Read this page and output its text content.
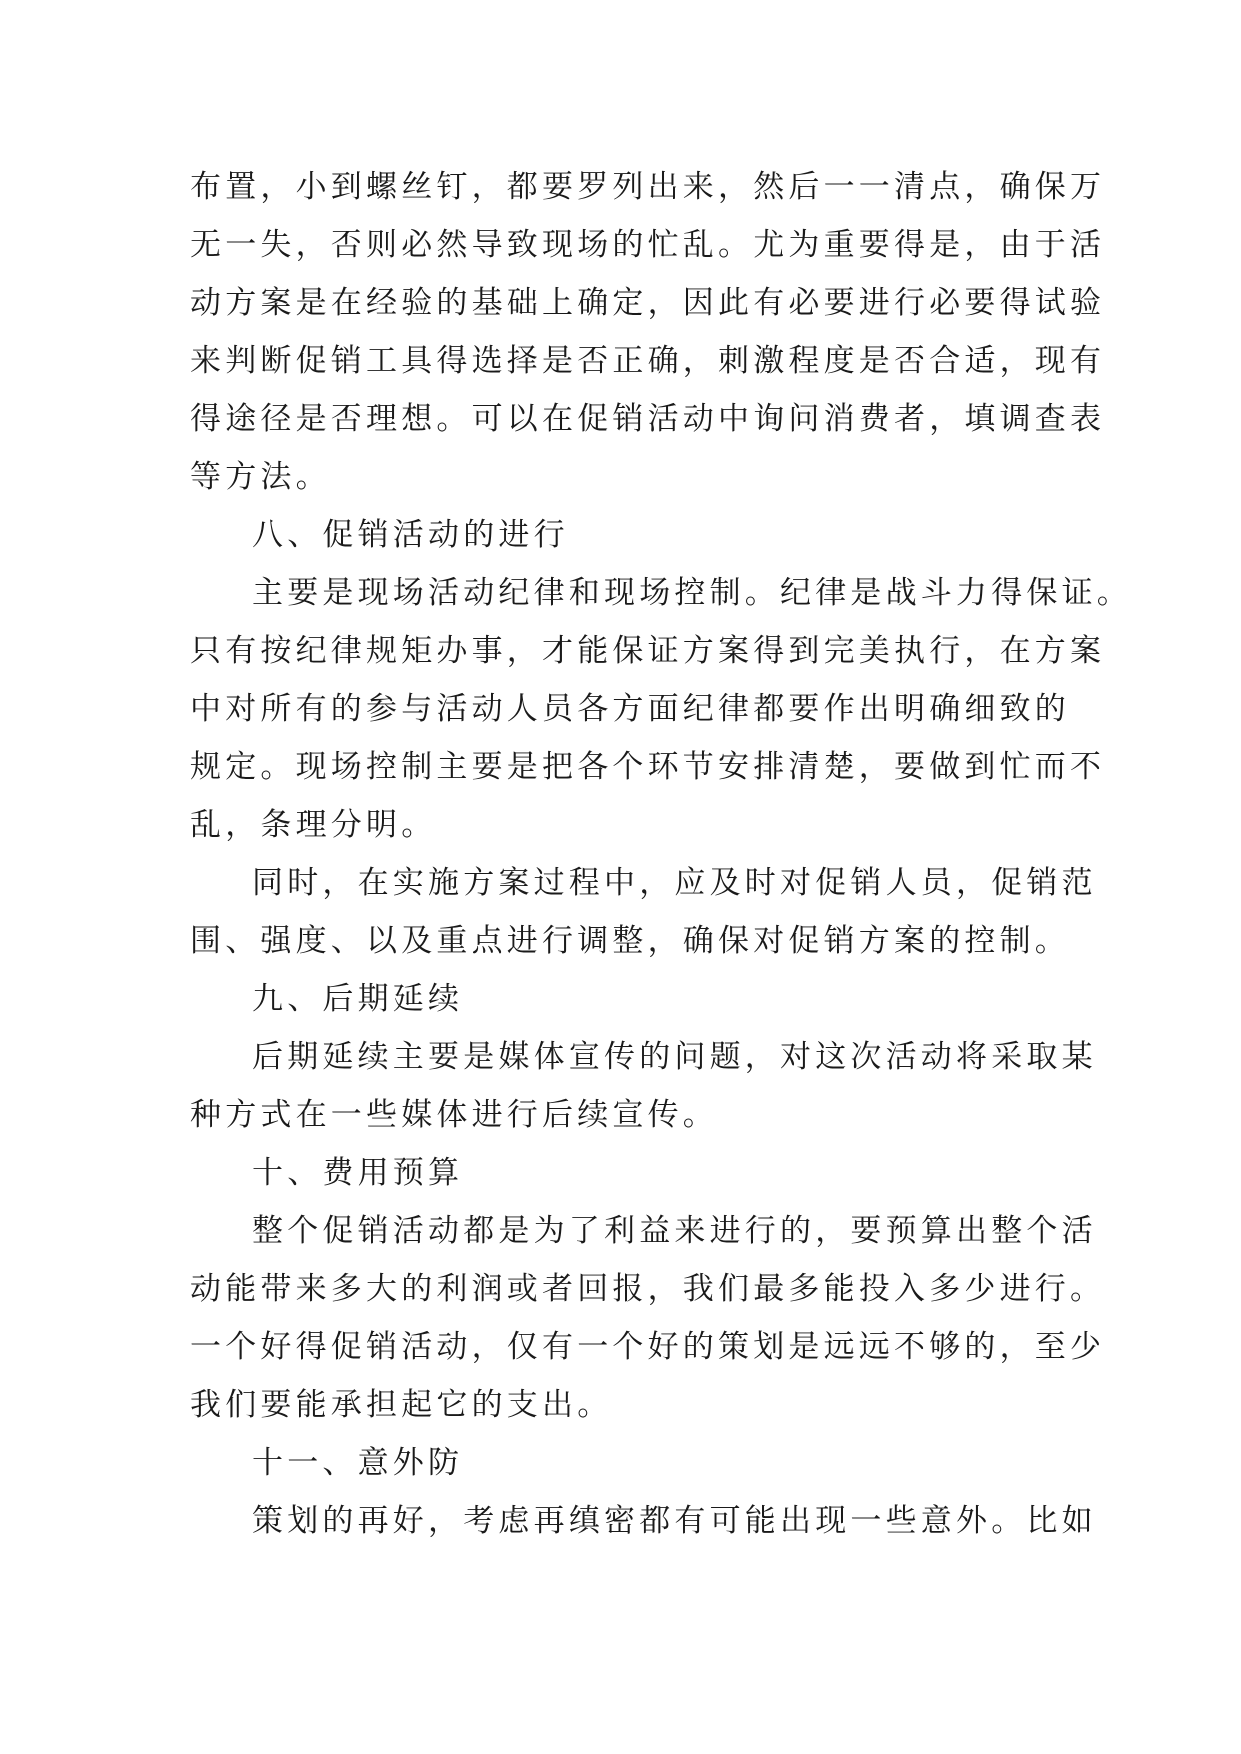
布置，小到螺丝钉，都要罗列出来，然后一一清点，确保万
无一失，否则必然导致现场的忙乱。尤为重要得是，由于活
动方案是在经验的基础上确定，因此有必要进行必要得试验
来判断促销工具得选择是否正确，刺激程度是否合适，现有
得途径是否理想。可以在促销活动中询问消费者，填调查表
等方法。
八、促销活动的进行
主要是现场活动纪律和现场控制。纪律是战斗力得保证。
只有按纪律规矩办事，才能保证方案得到完美执行，在方案
中对所有的参与活动人员各方面纪律都要作出明确细致的
规定。现场控制主要是把各个环节安排清楚，要做到忙而不
乱，条理分明。
同时，在实施方案过程中，应及时对促销人员，促销范
围、强度、以及重点进行调整，确保对促销方案的控制。
九、后期延续
后期延续主要是媒体宣传的问题，对这次活动将采取某
种方式在一些媒体进行后续宣传。
十、费用预算
整个促销活动都是为了利益来进行的，要预算出整个活
动能带来多大的利润或者回报，我们最多能投入多少进行。
一个好得促销活动，仅有一个好的策划是远远不够的，至少
我们要能承担起它的支出。
十一、意外防
策划的再好，考虑再缜密都有可能出现一些意外。比如
